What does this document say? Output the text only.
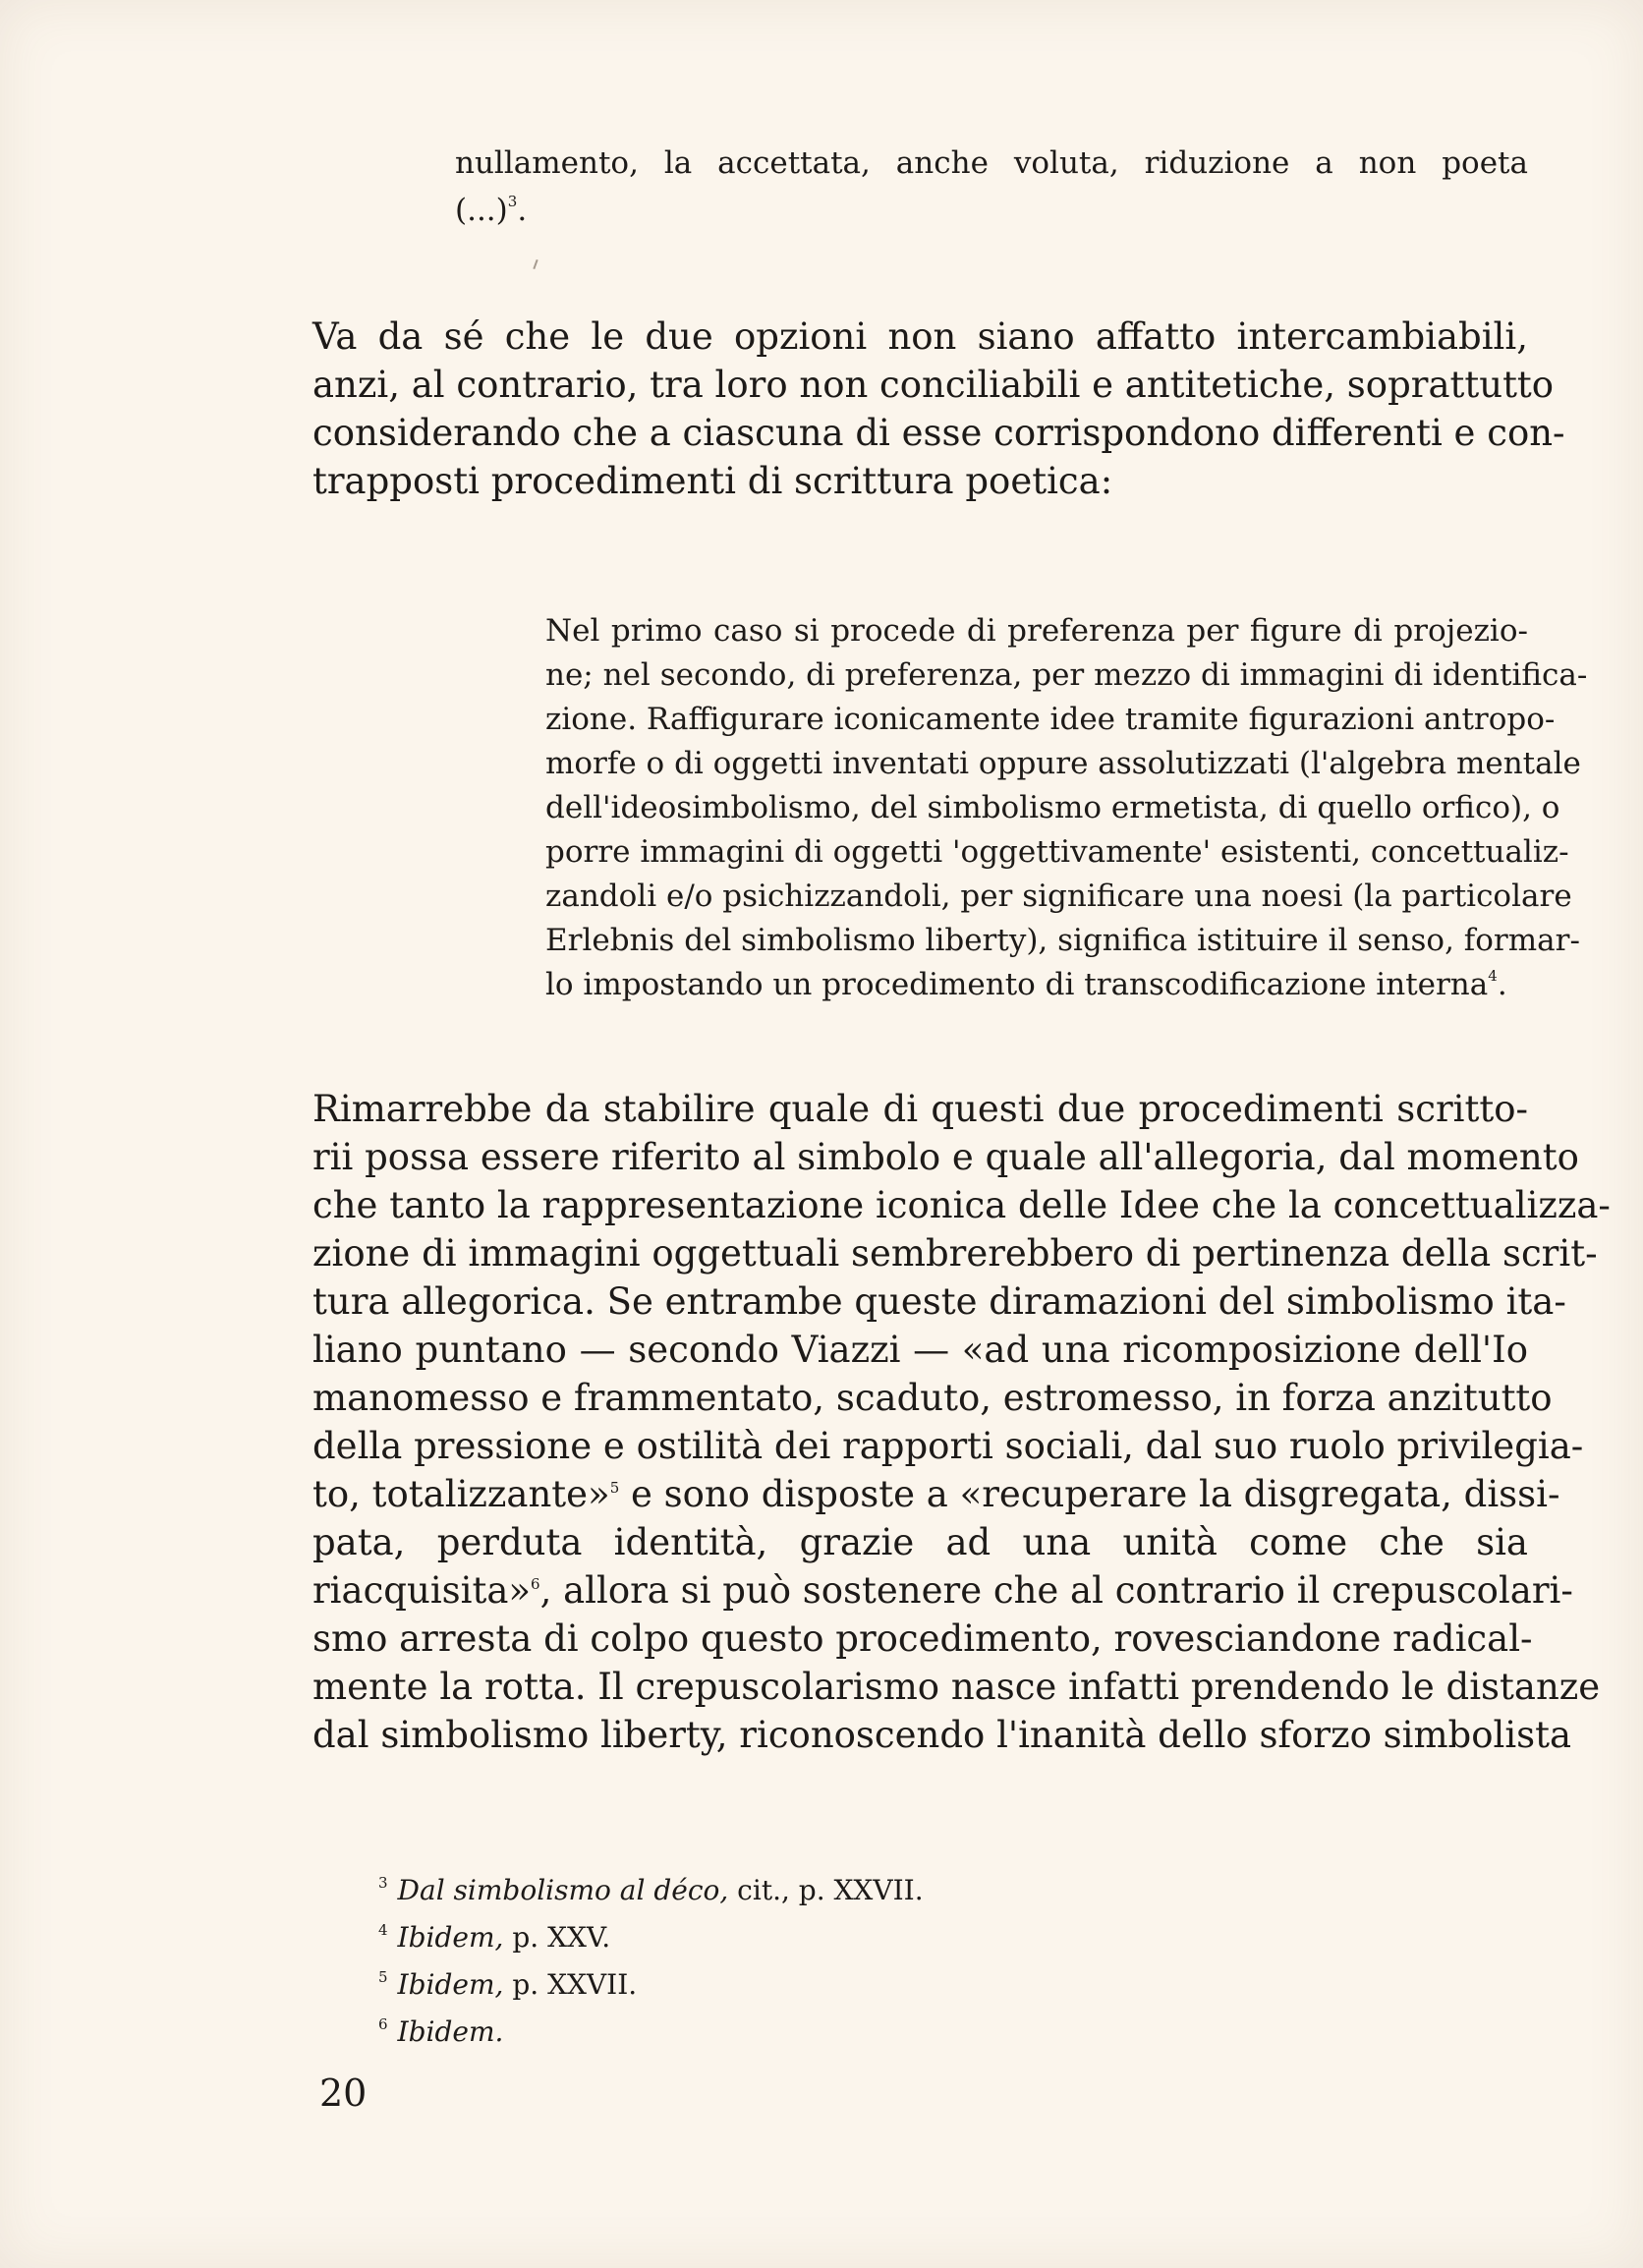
nullamento, la accettata, anche voluta, riduzione a non poeta
(...)$^3$.
Va da sé che le due opzioni non siano affatto intercambiabili,
anzi, al contrario, tra loro non conciliabili e antitetiche, soprattutto
considerando che a ciascuna di esse corrispondono differenti e con-
trapposti procedimenti di scrittura poetica:
Nel primo caso si procede di preferenza per figure di projezio-
ne; nel secondo, di preferenza, per mezzo di immagini di identifica-
zione. Raffigurare iconicamente idee tramite figurazioni antropo-
morfe o di oggetti inventati oppure assolutizzati (l'algebra mentale
dell'ideosimbolismo, del simbolismo ermetista, di quello orfico), o
porre immagini di oggetti 'oggettivamente' esistenti, concettualiz-
zandoli e/o psichizzandoli, per significare una noesi (la particolare
Erlebnis del simbolismo liberty), significa istituire il senso, formar-
lo impostando un procedimento di transcodificazione interna$^4$.
Rimarrebbe da stabilire quale di questi due procedimenti scritto-
rii possa essere riferito al simbolo e quale all'allegoria, dal momento
che tanto la rappresentazione iconica delle Idee che la concettualizza-
zione di immagini oggettuali sembrerebbero di pertinenza della scrit-
tura allegorica. Se entrambe queste diramazioni del simbolismo ita-
liano puntano — secondo Viazzi — «ad una ricomposizione dell'Io
manomesso e frammentato, scaduto, estromesso, in forza anzitutto
della pressione e ostilità dei rapporti sociali, dal suo ruolo privilegia-
to, totalizzante»$^5$ e sono disposte a «recuperare la disgregata, dissi-
pata, perduta identità, grazie ad una unità come che sia
riacquisita»$^6$, allora si può sostenere che al contrario il crepuscolari-
smo arresta di colpo questo procedimento, rovesciandone radical-
mente la rotta. Il crepuscolarismo nasce infatti prendendo le distanze
dal simbolismo liberty, riconoscendo l'inanità dello sforzo simbolista
$^3$ Dal simbolismo al déco, cit., p. XXVII.
$^4$ Ibidem, p. XXV.
$^5$ Ibidem, p. XXVII.
$^6$ Ibidem.
20
